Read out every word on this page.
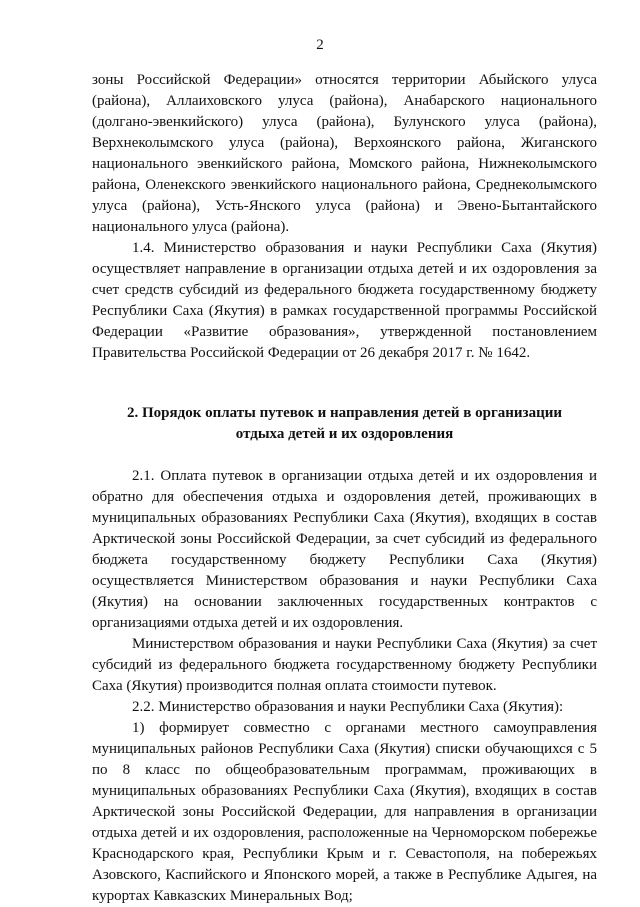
2

зоны Российской Федерации» относятся территории Абыйского улуса (района), Аллаиховского улуса (района), Анабарского национального (долгано-эвенкийского) улуса (района), Булунского улуса (района), Верхнеколымского улуса (района), Верхоянского района, Жиганского национального эвенкийского района, Момского района, Нижнеколымского района, Оленекского эвенкийского национального района, Среднеколымского улуса (района), Усть-Янского улуса (района) и Эвено-Бытантайского национального улуса (района).

1.4. Министерство образования и науки Республики Саха (Якутия) осуществляет направление в организации отдыха детей и их оздоровления за счет средств субсидий из федерального бюджета государственному бюджету Республики Саха (Якутия) в рамках государственной программы Российской Федерации «Развитие образования», утвержденной постановлением Правительства Российской Федерации от 26 декабря 2017 г. № 1642.

2. Порядок оплаты путевок и направления детей в организации

отдыха детей и их оздоровления

2.1. Оплата путевок в организации отдыха детей и их оздоровления и обратно для обеспечения отдыха и оздоровления детей, проживающих в муниципальных образованиях Республики Саха (Якутия), входящих в состав Арктической зоны Российской Федерации, за счет субсидий из федерального бюджета государственному бюджету Республики Саха (Якутия) осуществляется Министерством образования и науки Республики Саха (Якутия) на основании заключенных государственных контрактов с организациями отдыха детей и их оздоровления.

Министерством образования и науки Республики Саха (Якутия) за счет субсидий из федерального бюджета государственному бюджету Республики Саха (Якутия) производится полная оплата стоимости путевок.

2.2. Министерство образования и науки Республики Саха (Якутия):

1) формирует совместно с органами местного самоуправления муниципальных районов Республики Саха (Якутия) списки обучающихся с 5 по 8 класс по общеобразовательным программам, проживающих в муниципальных образованиях Республики Саха (Якутия), входящих в состав Арктической зоны Российской Федерации, для направления в организации отдыха детей и их оздоровления, расположенные на Черноморском побережье Краснодарского края, Республики Крым и г. Севастополя, на побережьях Азовского, Каспийского и Японского морей, а также в Республике Адыгея, на курортах Кавказских Минеральных Вод;
